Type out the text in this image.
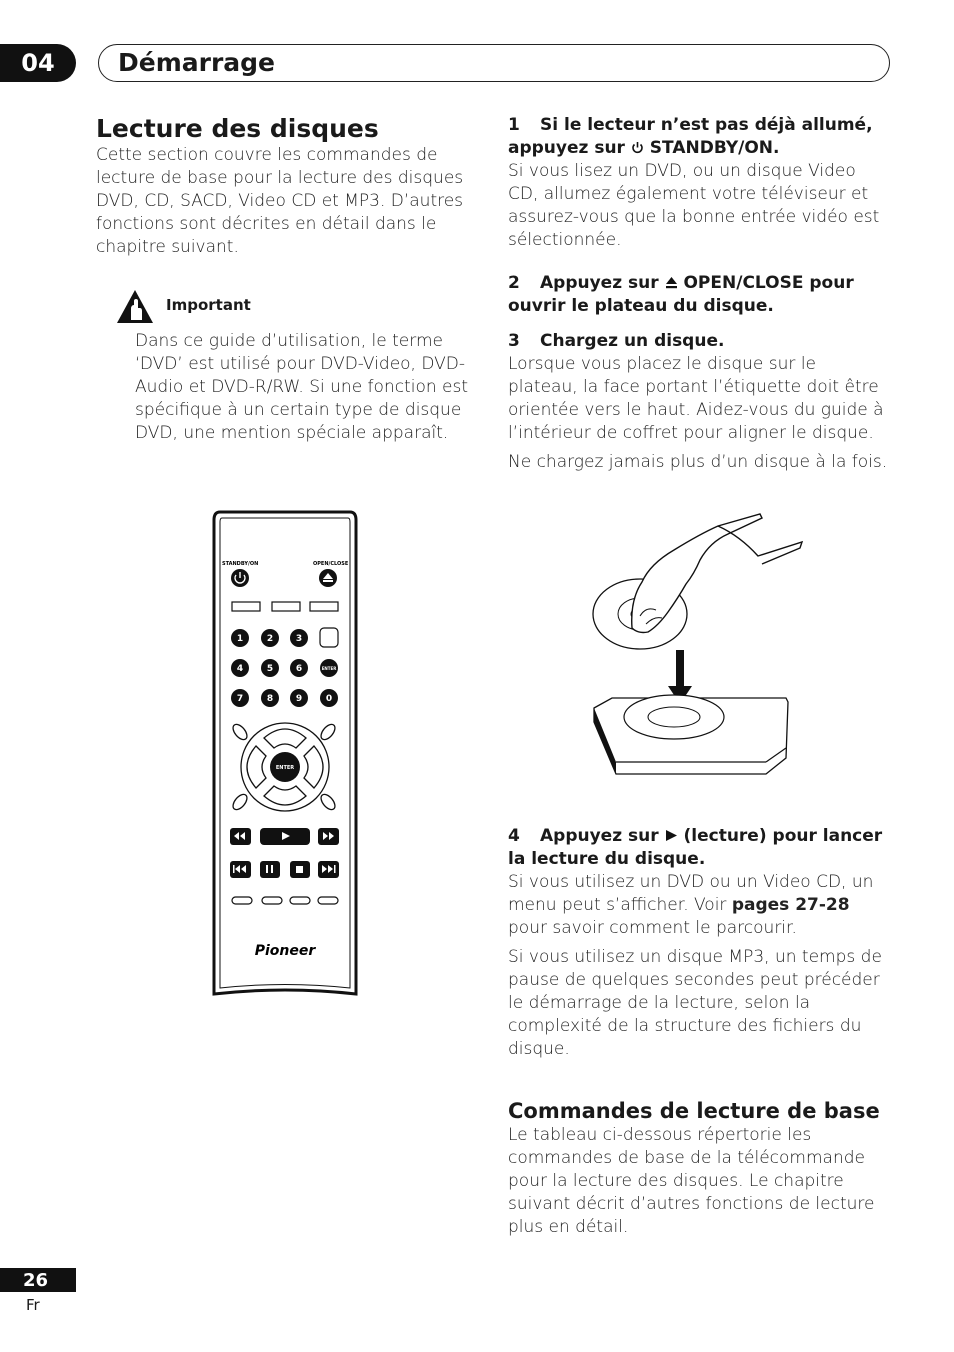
04	Démarrage
Lecture des disques

Cette section couvre les commandes de lecture de base pour la lecture des disques DVD, CD, SACD, Video CD et MP3. D’autres fonctions sont décrites en détail dans le chapitre suivant.

Important
Dans ce guide d’utilisation, le terme ‘DVD’ est utilisé pour DVD-Video, DVD-Audio et DVD-R/RW. Si une fonction est spécifique à un certain type de disque DVD, une mention spéciale apparaît.
STANDBY/ON	OPEN/CLOSE
1	2	3
4	5	6	ENTER
7	8	9	0
ENTER
Pioneer

1 Si le lecteur n’est pas déjà allumé, appuyez sur STANDBY/ON.

Si vous lisez un DVD, ou un disque Video CD, allumez également votre téléviseur et assurez-vous que la bonne entrée vidéo est sélectionnée.

2 Appuyez sur OPEN/CLOSE pour ouvrir le plateau du disque.

3 Chargez un disque.

Lorsque vous placez le disque sur le plateau, la face portant l’étiquette doit être orientée vers le haut. Aidez-vous du guide à l’intérieur de coffret pour aligner le disque.

Ne chargez jamais plus d’un disque à la fois.

4 Appuyez sur (lecture) pour lancer la lecture du disque.

Si vous utilisez un DVD ou un Video CD, un menu peut s’afficher. Voir pages 27-28 pour savoir comment le parcourir.

Si vous utilisez un disque MP3, un temps de pause de quelques secondes peut précéder le démarrage de la lecture, selon la complexité de la structure des fichiers du disque.

Commandes de lecture de base

Le tableau ci-dessous répertorie les commandes de base de la télécommande pour la lecture des disques. Le chapitre suivant décrit d’autres fonctions de lecture plus en détail.

26
Fr
